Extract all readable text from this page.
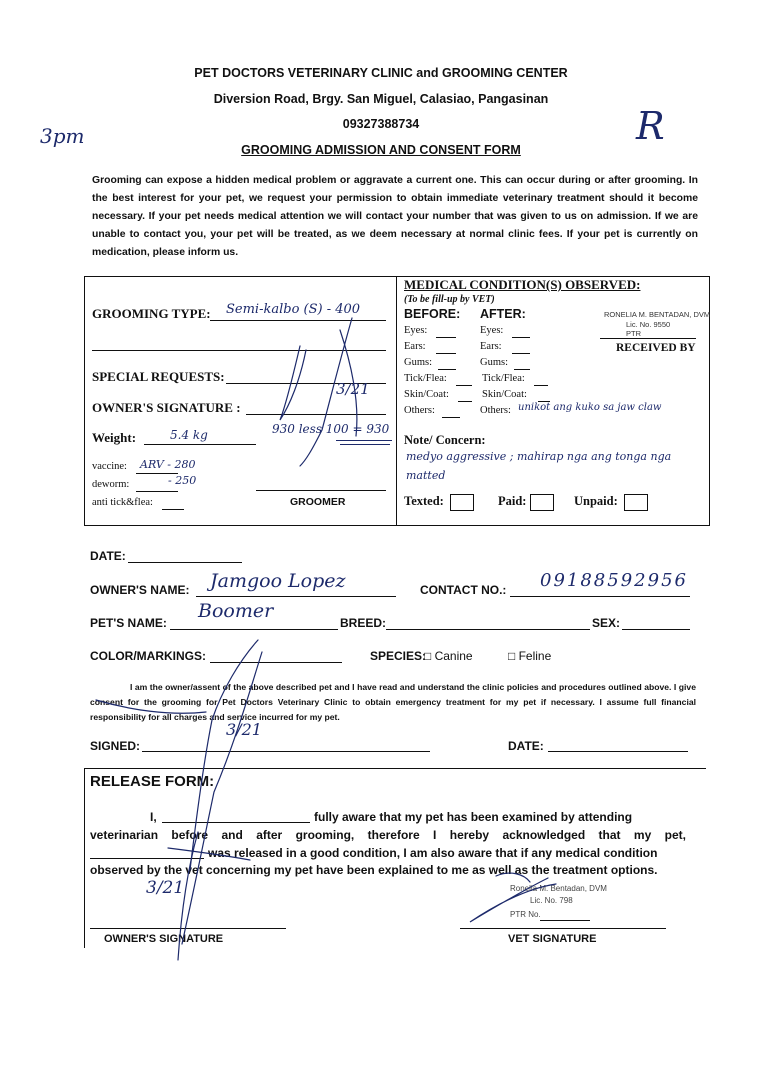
PET DOCTORS VETERINARY CLINIC and GROOMING CENTER
Diversion Road, Brgy. San Miguel, Calasiao, Pangasinan
09327388734
GROOMING ADMISSION AND CONSENT FORM
3pm	R
Grooming can expose a hidden medical problem or aggravate a current one. This can occur during or after grooming. In the best interest for your pet, we request your permission to obtain immediate veterinary treatment should it become necessary. If your pet needs medical attention we will contact your number that was given to us on admission. If we are unable to contact you, your pet will be treated, as we deem necessary at normal clinic fees. If your pet is currently on medication, please inform us.
GROOMING TYPE: Semi-kalbo (S) - 400
SPECIAL REQUESTS:
OWNER'S SIGNATURE :
3/21
Weight:	5.4 kg	930 less 100 = 930
vaccine: ARV - 280
deworm:	- 250
anti tick&flea:	GROOMER
MEDICAL CONDITION(S) OBSERVED:
(To be fill-up by VET)
BEFORE: AFTER:
Eyes:	Eyes:
Ears:	Ears:
Gums:	Gums:
Tick/Flea:	Tick/Flea:
Skin/Coat:	Skin/Coat:
Others:	Others: unikot ang kuko sa jaw claw
RONELIA M. BENTADAN, DVM
Lic. No. 9550
PTR
RECEIVED BY
Note/ Concern:
medyo aggressive ; mahirap nga ang tonga nga matted
Texted:	Paid:	Unpaid:
DATE:
OWNER'S NAME: Jamgoo Lopez	CONTACT NO.: 09188592956
PET'S NAME:
Boomer
BREED:	SEX:
COLOR/MARKINGS:	SPECIES:
□ Canine	□ Feline
I am the owner/assent of the above described pet and I have read and understand the clinic policies and procedures outlined above. I give consent for the grooming for Pet Doctors Veterinary Clinic to obtain emergency treatment for my pet if necessary. I assume full financial responsibility for all charges and service incurred for my pet.
3/21
SIGNED:	DATE:
RELEASE FORM:
I,	fully aware that my pet has been examined by attending
veterinarian before and after grooming, therefore I hereby acknowledged that my pet,
was released in a good condition, I am also aware that if any medical condition
observed by the vet concerning my pet have been explained to me as well as the treatment options.
3/21	Ronelia M. Bentadan, DVM
Lic. No. 798
PTR No.
OWNER'S SIGNATURE	VET SIGNATURE
